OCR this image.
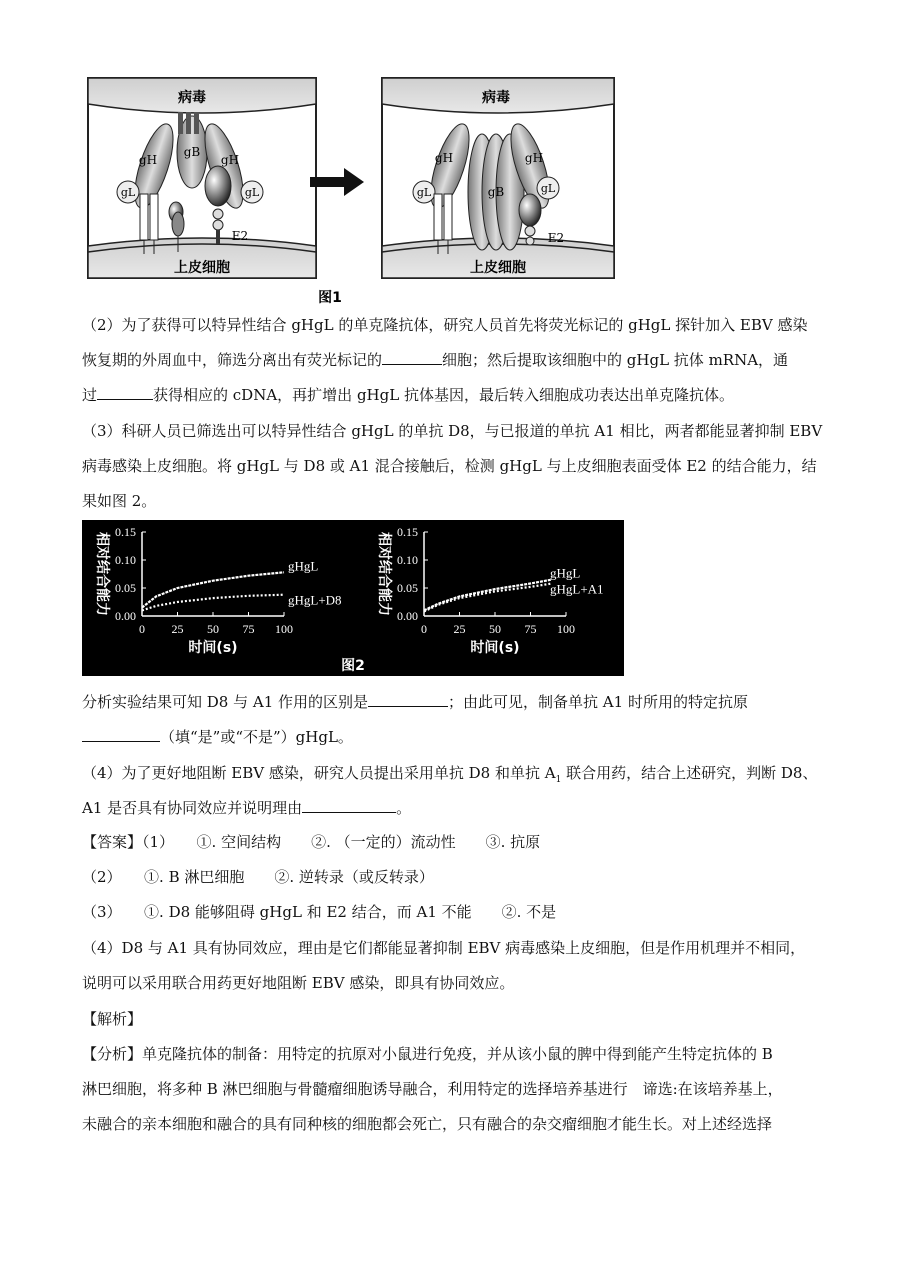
病毒
上皮细胞
gH
gB
gH
gL	gL
E2
病毒
上皮细胞
gH
gB
gH
gL	gL
E2
图1
（2）为了获得可以特异性结合 gHgL 的单克隆抗体，研究人员首先将荧光标记的 gHgL 探针加入 EBV 感染
恢复期的外周血中，筛选分离出有荧光标记的	细胞；然后提取该细胞中的 gHgL 抗体 mRNA，通
过	获得相应的 cDNA，再扩增出 gHgL 抗体基因，最后转入细胞成功表达出单克隆抗体。
（3）科研人员已筛选出可以特异性结合 gHgL 的单抗 D8，与已报道的单抗 A1 相比，两者都能显著抑制 EBV
病毒感染上皮细胞。将 gHgL 与 D8 或 A1 混合接触后，检测 gHgL 与上皮细胞表面受体 E2 的结合能力，结
果如图 2。
0.15
0.10
0.05
0.00
0 25 50 75 100
时间(s)
相对结合能力	gHgL
gHgL+D8
0.15
0.10
0.05
0.00
0 25 50 75 100
时间(s)
相对结合能力	gHgL
gHgL+A1
图2
分析实验结果可知 D8 与 A1 作用的区别是	；由此可见，制备单抗 A1 时所用的特定抗原
（填“是”或“不是”）gHgL。
（4）为了更好地阻断 EBV 感染，研究人员提出采用单抗 D8 和单抗 $A_1$ 联合用药，结合上述研究，判断 D8、
A1 是否具有协同效应并说明理由	。
【答案】（1）　　①. 空间结构　　②. （一定的）流动性　　③. 抗原
（2）　　①. B 淋巴细胞　　②. 逆转录（或反转录）
（3）　　①. D8 能够阻碍 gHgL 和 E2 结合，而 A1 不能　　②. 不是
（4）D8 与 A1 具有协同效应，理由是它们都能显著抑制 EBV 病毒感染上皮细胞，但是作用机理并不相同，
说明可以采用联合用药更好地阻断 EBV 感染，即具有协同效应。
【解析】
【分析】单克隆抗体的制备：用特定的抗原对小鼠进行免疫，并从该小鼠的脾中得到能产生特定抗体的 B
淋巴细胞，将多种 B 淋巴细胞与骨髓瘤细胞诱导融合，利用特定的选择培养基进行　谛选:在该培养基上，
未融合的亲本细胞和融合的具有同种核的细胞都会死亡，只有融合的杂交瘤细胞才能生长。对上述经选择
